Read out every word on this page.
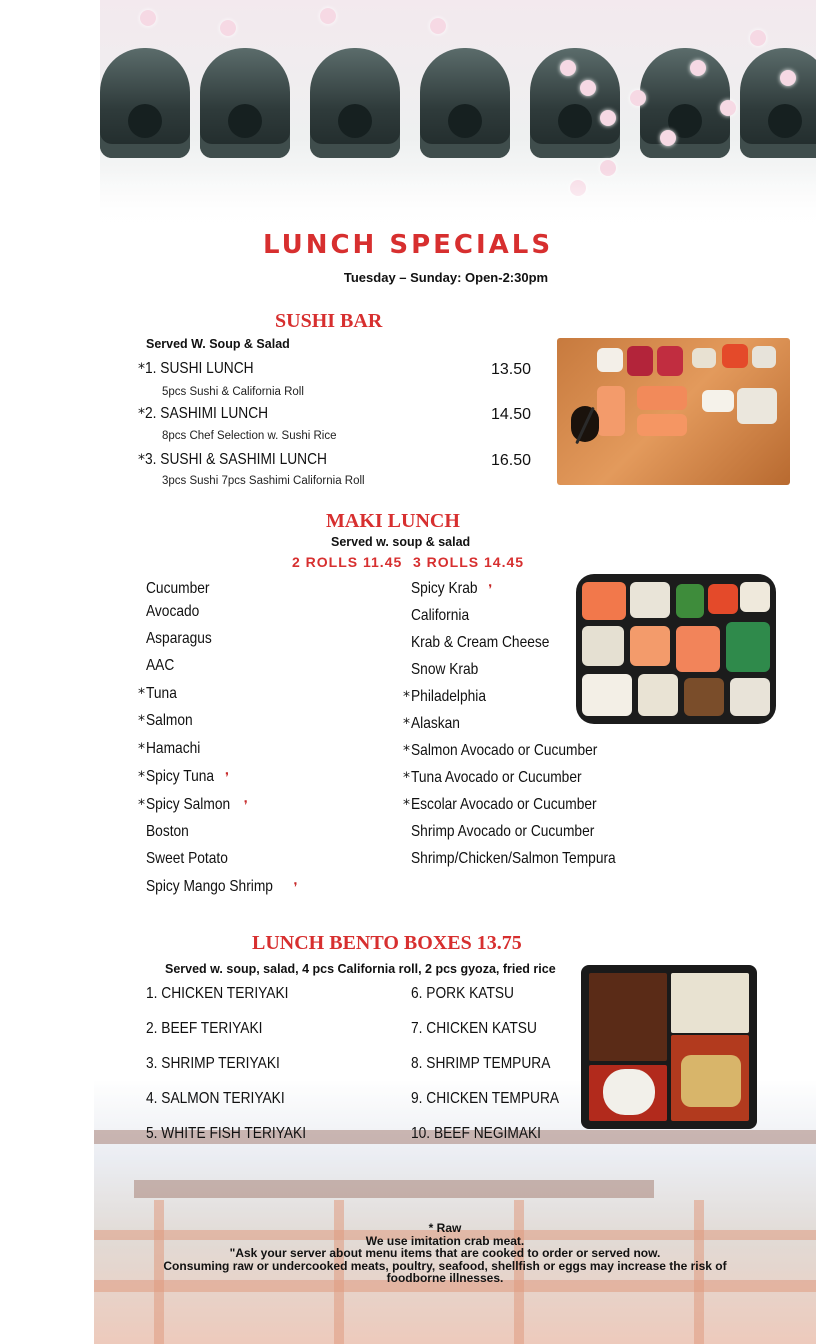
LUNCH SPECIALS
Tuesday – Sunday: Open-2:30pm
SUSHI BAR
Served W. Soup & Salad
*1. SUSHI LUNCH	13.50
5pcs Sushi & California Roll
*2. SASHIMI LUNCH	14.50
8pcs Chef Selection w. Sushi Rice
*3. SUSHI & SASHIMI LUNCH	16.50
3pcs Sushi 7pcs Sashimi California Roll
MAKI LUNCH
Served w. soup & salad
2 ROLLS 11.45 3 ROLLS 14.45
Cucumber
Avocado
Asparagus
AAC
*Tuna
*Salmon
*Hamachi
*Spicy Tuna ❜
*Spicy Salmon ❜
Boston
Sweet Potato
Spicy Mango Shrimp ❜
Spicy Krab ❜
California
Krab & Cream Cheese
Snow Krab
*Philadelphia
*Alaskan
*Salmon Avocado or Cucumber
*Tuna Avocado or Cucumber
*Escolar Avocado or Cucumber
Shrimp Avocado or Cucumber
Shrimp/Chicken/Salmon Tempura
LUNCH BENTO BOXES 13.75
Served w. soup, salad, 4 pcs California roll, 2 pcs gyoza, fried rice
1. CHICKEN TERIYAKI
2. BEEF TERIYAKI
3. SHRIMP TERIYAKI
4. SALMON TERIYAKI
5. WHITE FISH TERIYAKI
6. PORK KATSU
7. CHICKEN KATSU
8. SHRIMP TEMPURA
9. CHICKEN TEMPURA
10. BEEF NEGIMAKI
* Raw
We use imitation crab meat.
"Ask your server about menu items that are cooked to order or served now.
Consuming raw or undercooked meats, poultry, seafood, shellfish or eggs may increase the risk of
foodborne illnesses.
